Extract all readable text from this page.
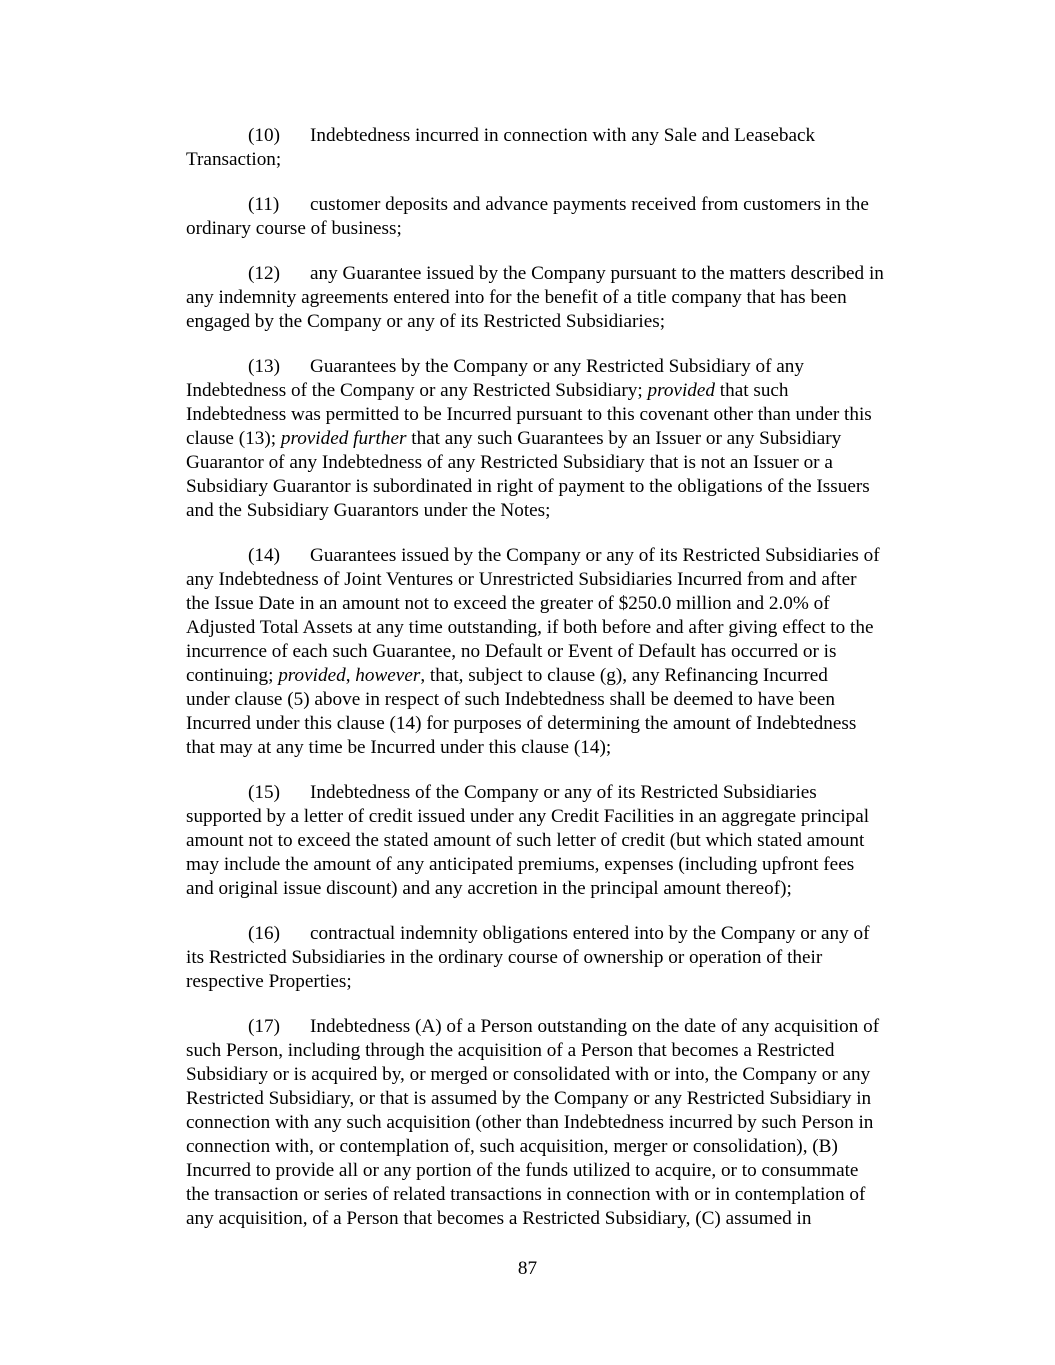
(10) Indebtedness incurred in connection with any Sale and Leaseback
Transaction;

(11) customer deposits and advance payments received from customers in the
ordinary course of business;

(12) any Guarantee issued by the Company pursuant to the matters described in
any indemnity agreements entered into for the benefit of a title company that has been
engaged by the Company or any of its Restricted Subsidiaries;

(13) Guarantees by the Company or any Restricted Subsidiary of any
Indebtedness of the Company or any Restricted Subsidiary; provided that such
Indebtedness was permitted to be Incurred pursuant to this covenant other than under this
clause (13); provided further that any such Guarantees by an Issuer or any Subsidiary
Guarantor of any Indebtedness of any Restricted Subsidiary that is not an Issuer or a
Subsidiary Guarantor is subordinated in right of payment to the obligations of the Issuers
and the Subsidiary Guarantors under the Notes;

(14) Guarantees issued by the Company or any of its Restricted Subsidiaries of
any Indebtedness of Joint Ventures or Unrestricted Subsidiaries Incurred from and after
the Issue Date in an amount not to exceed the greater of $250.0 million and 2.0% of
Adjusted Total Assets at any time outstanding, if both before and after giving effect to the
incurrence of each such Guarantee, no Default or Event of Default has occurred or is
continuing; provided, however, that, subject to clause (g), any Refinancing Incurred
under clause (5) above in respect of such Indebtedness shall be deemed to have been
Incurred under this clause (14) for purposes of determining the amount of Indebtedness
that may at any time be Incurred under this clause (14);

(15) Indebtedness of the Company or any of its Restricted Subsidiaries
supported by a letter of credit issued under any Credit Facilities in an aggregate principal
amount not to exceed the stated amount of such letter of credit (but which stated amount
may include the amount of any anticipated premiums, expenses (including upfront fees
and original issue discount) and any accretion in the principal amount thereof);

(16) contractual indemnity obligations entered into by the Company or any of
its Restricted Subsidiaries in the ordinary course of ownership or operation of their
respective Properties;

(17) Indebtedness (A) of a Person outstanding on the date of any acquisition of
such Person, including through the acquisition of a Person that becomes a Restricted
Subsidiary or is acquired by, or merged or consolidated with or into, the Company or any
Restricted Subsidiary, or that is assumed by the Company or any Restricted Subsidiary in
connection with any such acquisition (other than Indebtedness incurred by such Person in
connection with, or contemplation of, such acquisition, merger or consolidation), (B)
Incurred to provide all or any portion of the funds utilized to acquire, or to consummate
the transaction or series of related transactions in connection with or in contemplation of
any acquisition, of a Person that becomes a Restricted Subsidiary, (C) assumed in

87
